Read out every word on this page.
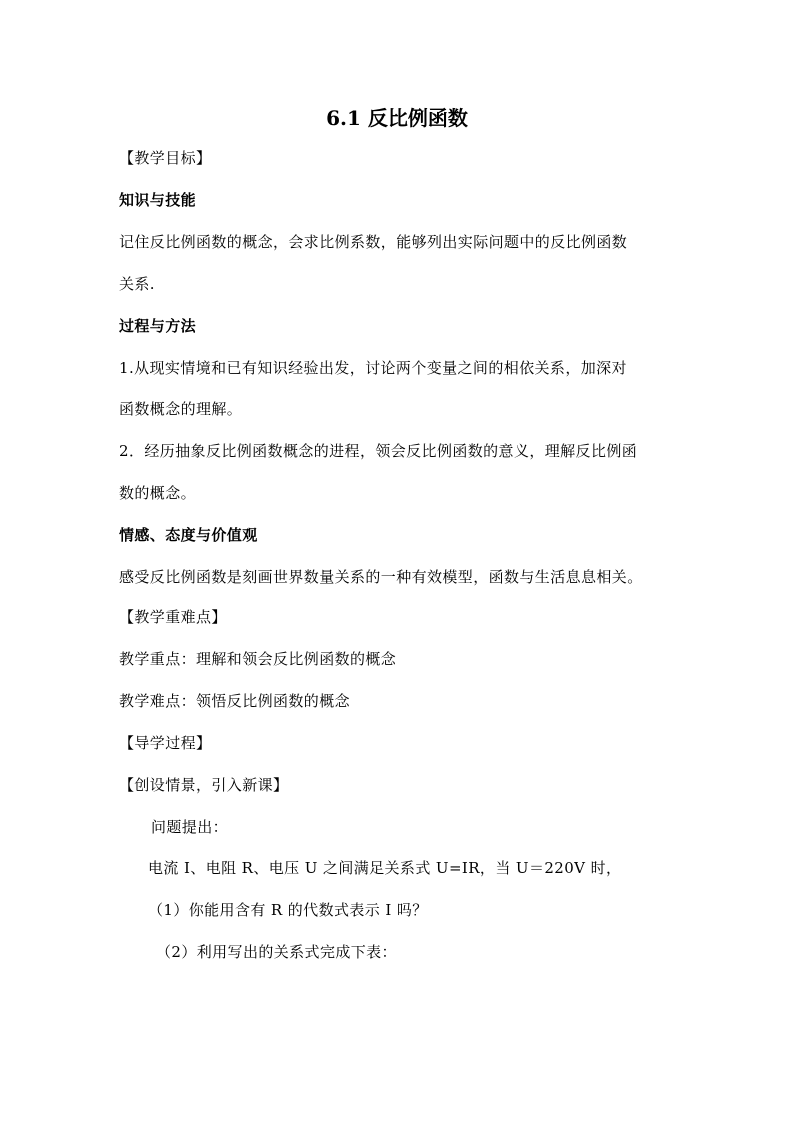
6.1 反比例函数
【教学目标】
知识与技能
记住反比例函数的概念，会求比例系数，能够列出实际问题中的反比例函数
关系.
过程与方法
1.从现实情境和已有知识经验出发，讨论两个变量之间的相依关系，加深对
函数概念的理解。
2．经历抽象反比例函数概念的进程，领会反比例函数的意义，理解反比例函
数的概念。
情感、态度与价值观
感受反比例函数是刻画世界数量关系的一种有效模型，函数与生活息息相关。
【教学重难点】
教学重点：理解和领会反比例函数的概念
教学难点：领悟反比例函数的概念
【导学过程】
【创设情景，引入新课】
问题提出：
电流 I、电阻 R、电压 U 之间满足关系式 U=IR，当 U＝220V 时，
（1）你能用含有 R 的代数式表示 I 吗？
（2）利用写出的关系式完成下表：
